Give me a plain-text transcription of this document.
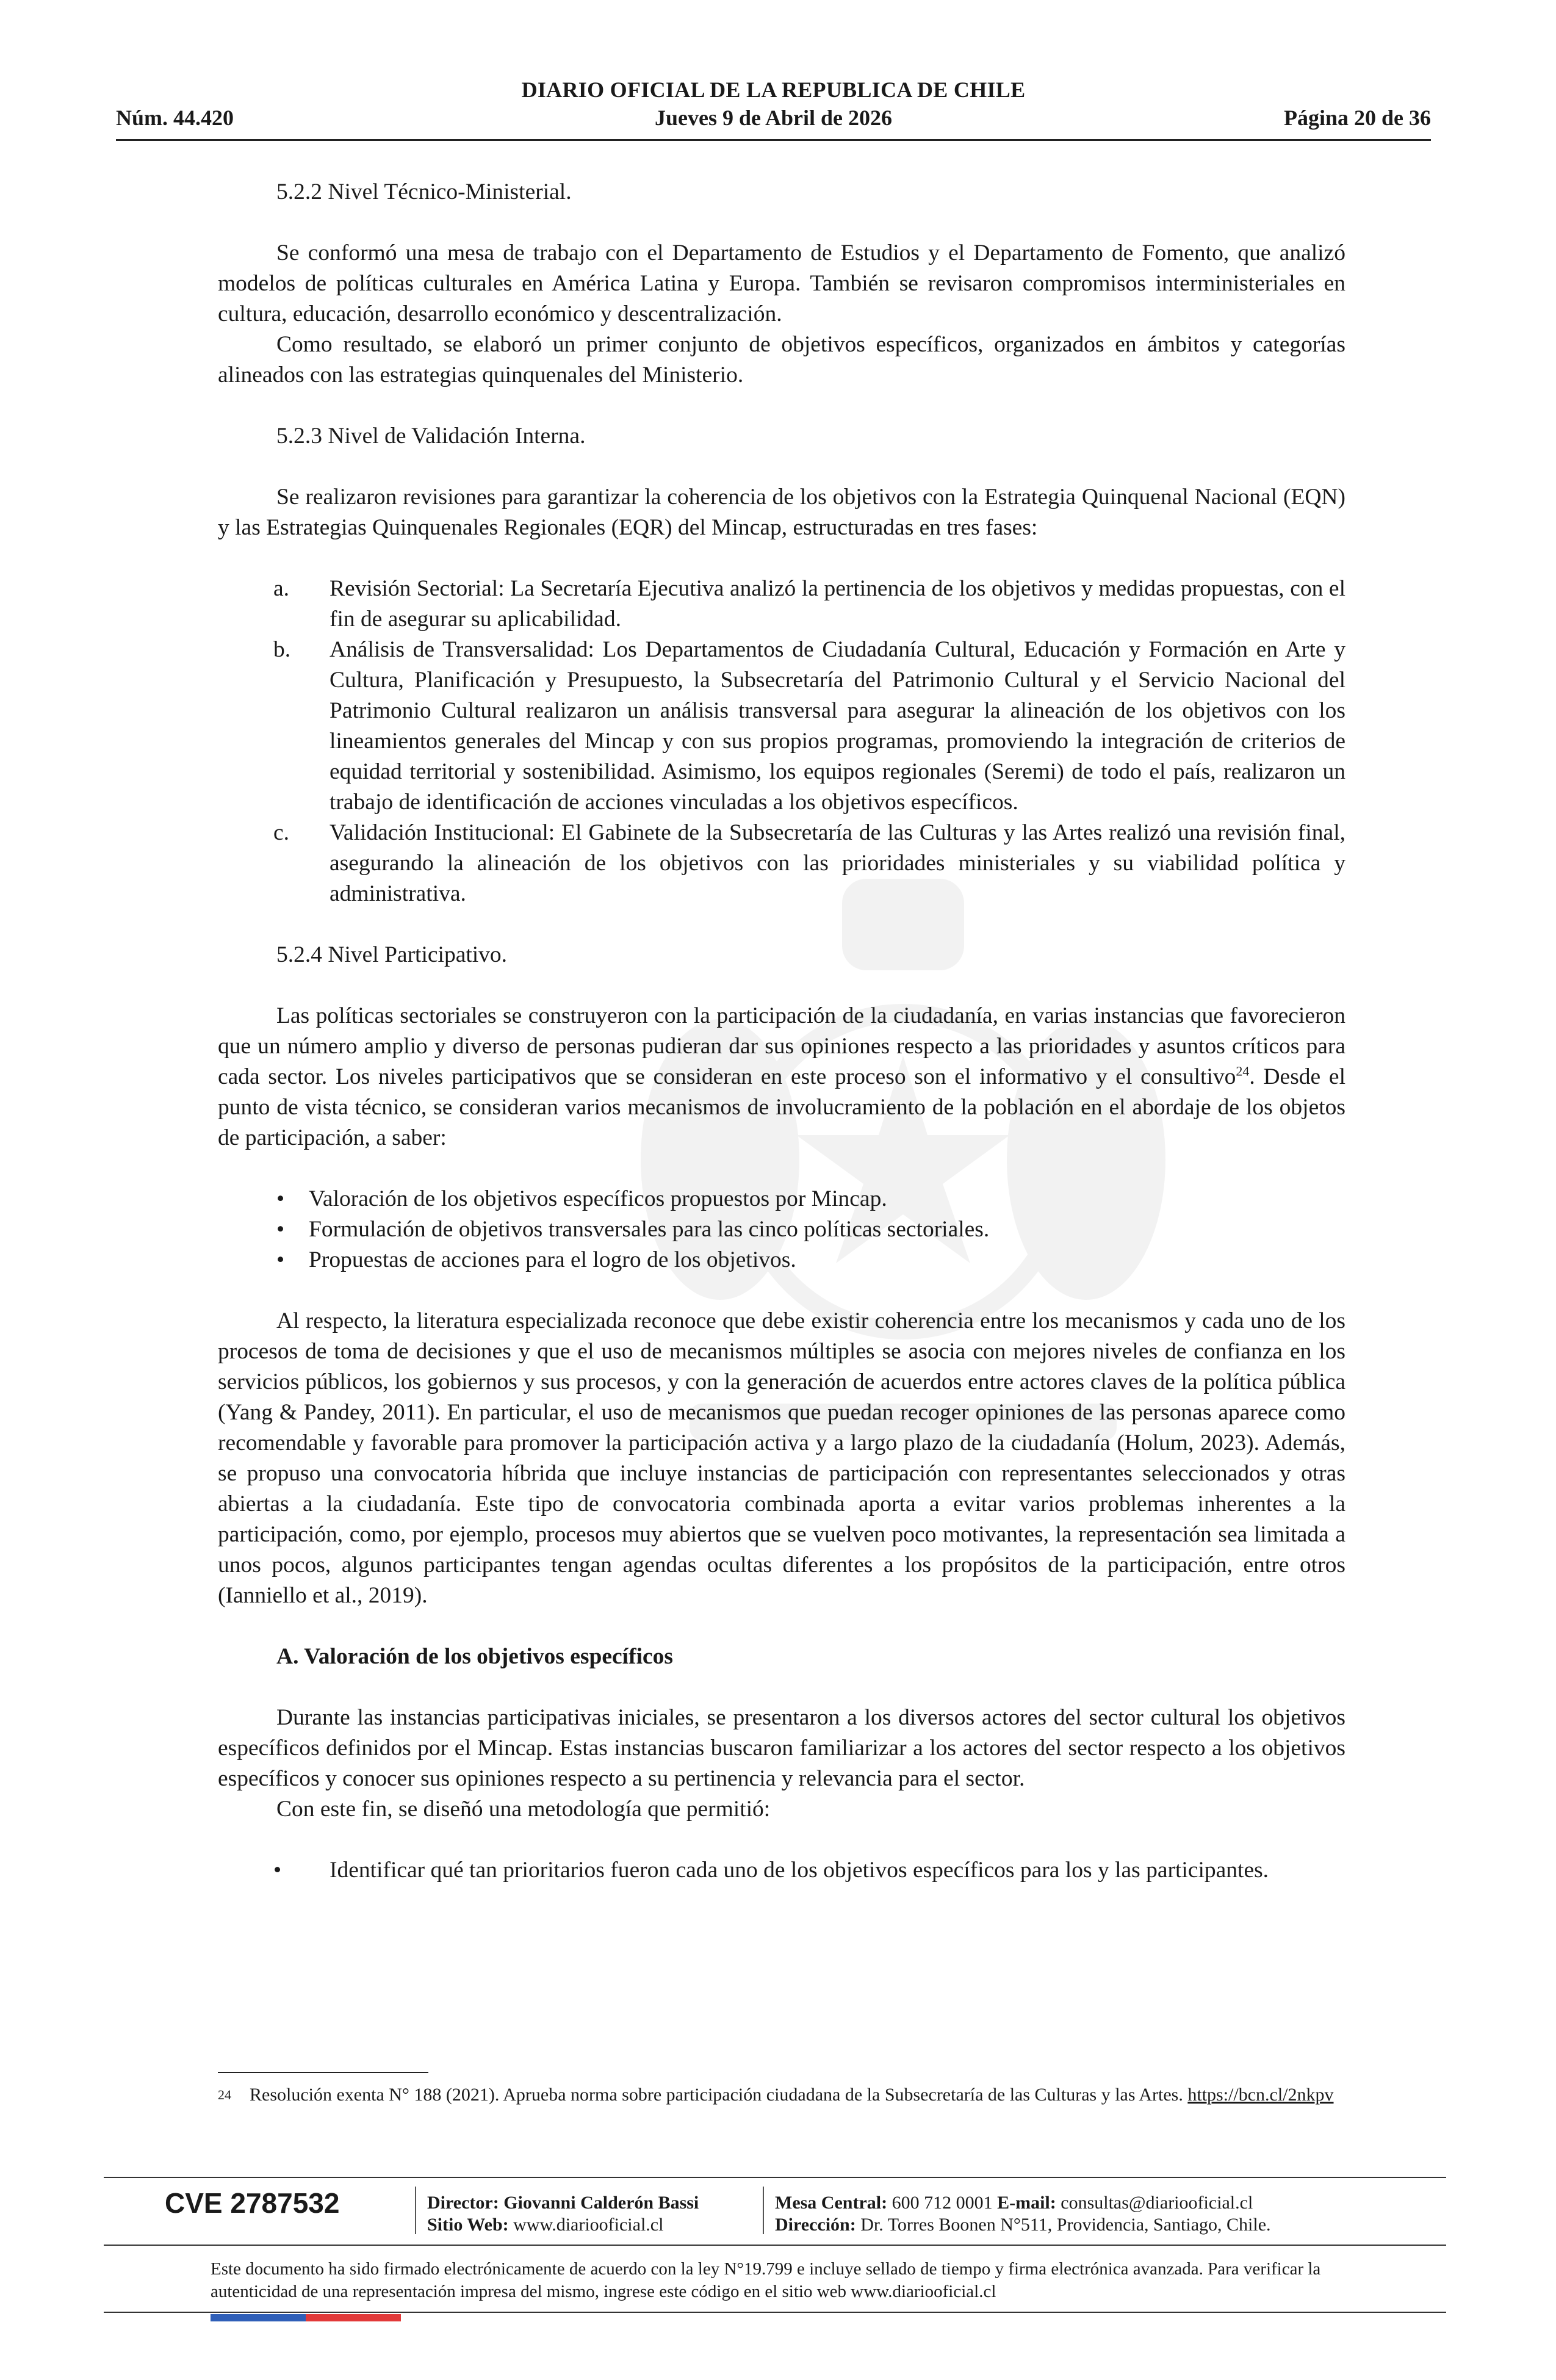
DIARIO OFICIAL DE LA REPUBLICA DE CHILE
Núm. 44.420	Jueves 9 de Abril de 2026	Página 20 de 36

5.2.2 Nivel Técnico-Ministerial.

Se conformó una mesa de trabajo con el Departamento de Estudios y el Departamento de Fomento, que analizó modelos de políticas culturales en América Latina y Europa. También se revisaron compromisos interministeriales en cultura, educación, desarrollo económico y descentralización.

Como resultado, se elaboró un primer conjunto de objetivos específicos, organizados en ámbitos y categorías alineados con las estrategias quinquenales del Ministerio.

5.2.3 Nivel de Validación Interna.

Se realizaron revisiones para garantizar la coherencia de los objetivos con la Estrategia Quinquenal Nacional (EQN) y las Estrategias Quinquenales Regionales (EQR) del Mincap, estructuradas en tres fases:

a. Revisión Sectorial: La Secretaría Ejecutiva analizó la pertinencia de los objetivos y medidas propuestas, con el fin de asegurar su aplicabilidad.
b. Análisis de Transversalidad: Los Departamentos de Ciudadanía Cultural, Educación y Formación en Arte y Cultura, Planificación y Presupuesto, la Subsecretaría del Patrimonio Cultural y el Servicio Nacional del Patrimonio Cultural realizaron un análisis transversal para asegurar la alineación de los objetivos con los lineamientos generales del Mincap y con sus propios programas, promoviendo la integración de criterios de equidad territorial y sostenibilidad. Asimismo, los equipos regionales (Seremi) de todo el país, realizaron un trabajo de identificación de acciones vinculadas a los objetivos específicos.
c. Validación Institucional: El Gabinete de la Subsecretaría de las Culturas y las Artes realizó una revisión final, asegurando la alineación de los objetivos con las prioridades ministeriales y su viabilidad política y administrativa.

5.2.4 Nivel Participativo.

Las políticas sectoriales se construyeron con la participación de la ciudadanía, en varias instancias que favorecieron que un número amplio y diverso de personas pudieran dar sus opiniones respecto a las prioridades y asuntos críticos para cada sector. Los niveles participativos que se consideran en este proceso son el informativo y el consultivo$^{24}$. Desde el punto de vista técnico, se consideran varios mecanismos de involucramiento de la población en el abordaje de los objetos de participación, a saber:

• Valoración de los objetivos específicos propuestos por Mincap.
• Formulación de objetivos transversales para las cinco políticas sectoriales.
• Propuestas de acciones para el logro de los objetivos.

Al respecto, la literatura especializada reconoce que debe existir coherencia entre los mecanismos y cada uno de los procesos de toma de decisiones y que el uso de mecanismos múltiples se asocia con mejores niveles de confianza en los servicios públicos, los gobiernos y sus procesos, y con la generación de acuerdos entre actores claves de la política pública (Yang & Pandey, 2011). En particular, el uso de mecanismos que puedan recoger opiniones de las personas aparece como recomendable y favorable para promover la participación activa y a largo plazo de la ciudadanía (Holum, 2023). Además, se propuso una convocatoria híbrida que incluye instancias de participación con representantes seleccionados y otras abiertas a la ciudadanía. Este tipo de convocatoria combinada aporta a evitar varios problemas inherentes a la participación, como, por ejemplo, procesos muy abiertos que se vuelven poco motivantes, la representación sea limitada a unos pocos, algunos participantes tengan agendas ocultas diferentes a los propósitos de la participación, entre otros (Ianniello et al., 2019).

A. Valoración de los objetivos específicos

Durante las instancias participativas iniciales, se presentaron a los diversos actores del sector cultural los objetivos específicos definidos por el Mincap. Estas instancias buscaron familiarizar a los actores del sector respecto a los objetivos específicos y conocer sus opiniones respecto a su pertinencia y relevancia para el sector.

Con este fin, se diseñó una metodología que permitió:

• Identificar qué tan prioritarios fueron cada uno de los objetivos específicos para los y las participantes.
24 Resolución exenta N° 188 (2021). Aprueba norma sobre participación ciudadana de la Subsecretaría de las Culturas y las Artes. https://bcn.cl/2nkpv
CVE 2787532	Director: Giovanni Calderón Bassi
Sitio Web: www.diariooficial.cl
Mesa Central: 600 712 0001 E-mail: consultas@diariooficial.cl
Dirección: Dr. Torres Boonen N°511, Providencia, Santiago, Chile.
Este documento ha sido firmado electrónicamente de acuerdo con la ley N°19.799 e incluye sellado de tiempo y firma electrónica avanzada. Para verificar la autenticidad de una representación impresa del mismo, ingrese este código en el sitio web www.diariooficial.cl
